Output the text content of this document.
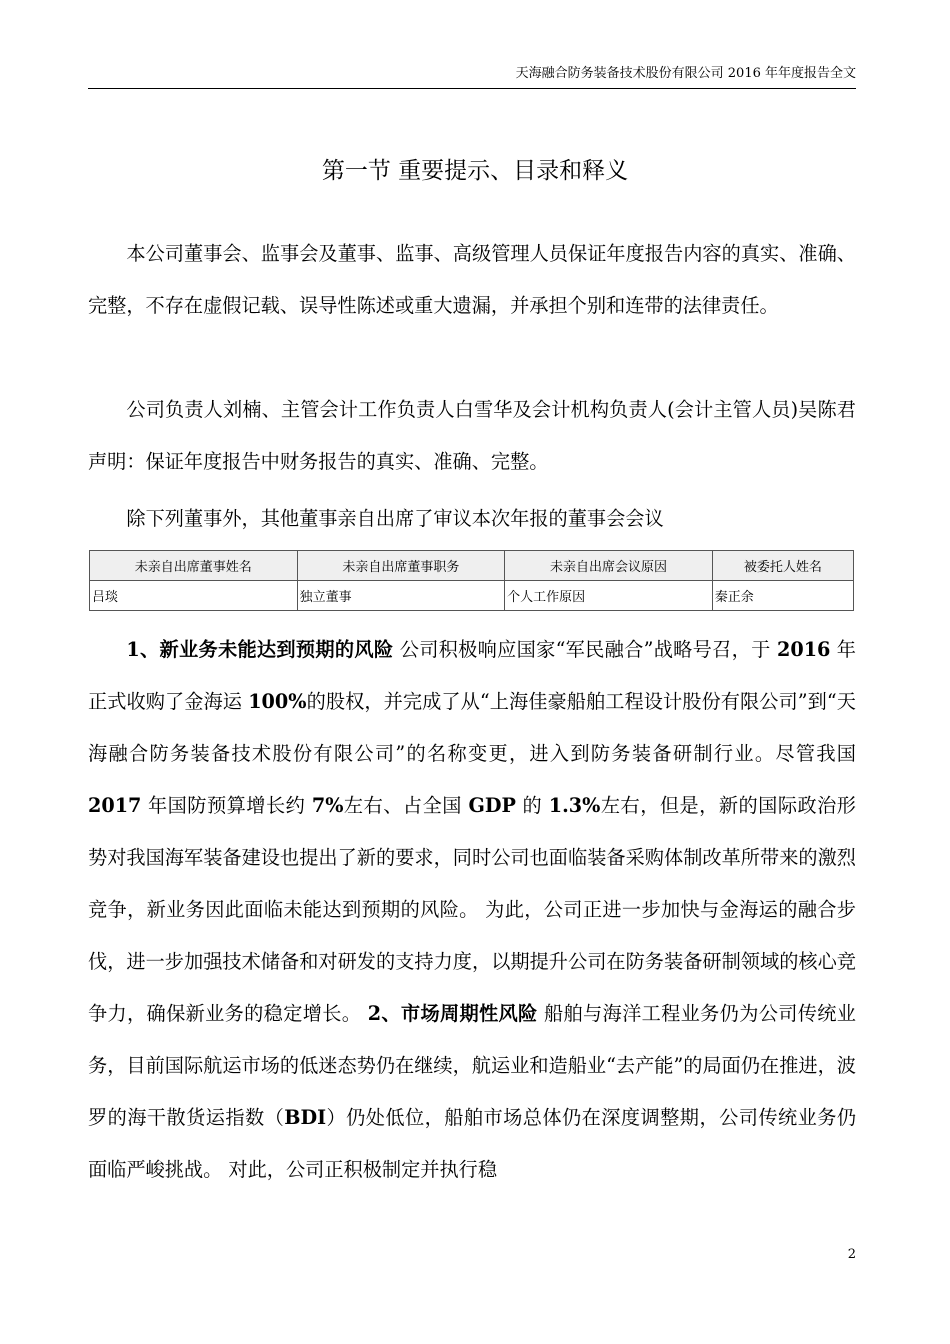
天海融合防务装备技术股份有限公司 2016 年年度报告全文
第一节 重要提示、目录和释义
本公司董事会、监事会及董事、监事、高级管理人员保证年度报告内容的真实、准确、完整，不存在虚假记载、误导性陈述或重大遗漏，并承担个别和连带的法律责任。
公司负责人刘楠、主管会计工作负责人白雪华及会计机构负责人(会计主管人员)吴陈君声明：保证年度报告中财务报告的真实、准确、完整。
除下列董事外，其他董事亲自出席了审议本次年报的董事会会议
未亲自出席董事姓名	未亲自出席董事职务	未亲自出席会议原因	被委托人姓名
吕琰	独立董事	个人工作原因	秦正余
1、新业务未能达到预期的风险 公司积极响应国家“军民融合”战略号召，于 2016 年正式收购了金海运 100%的股权，并完成了从“上海佳豪船舶工程设计股份有限公司”到“天海融合防务装备技术股份有限公司”的名称变更，进入到防务装备研制行业。尽管我国 2017 年国防预算增长约 7%左右、占全国 GDP 的 1.3%左右，但是，新的国际政治形势对我国海军装备建设也提出了新的要求，同时公司也面临装备采购体制改革所带来的激烈竞争，新业务因此面临未能达到预期的风险。 为此，公司正进一步加快与金海运的融合步伐，进一步加强技术储备和对研发的支持力度，以期提升公司在防务装备研制领域的核心竞争力，确保新业务的稳定增长。 2、市场周期性风险 船舶与海洋工程业务仍为公司传统业务，目前国际航运市场的低迷态势仍在继续，航运业和造船业“去产能”的局面仍在推进，波罗的海干散货运指数（BDI）仍处低位，船舶市场总体仍在深度调整期，公司传统业务仍面临严峻挑战。 对此，公司正积极制定并执行稳
2
